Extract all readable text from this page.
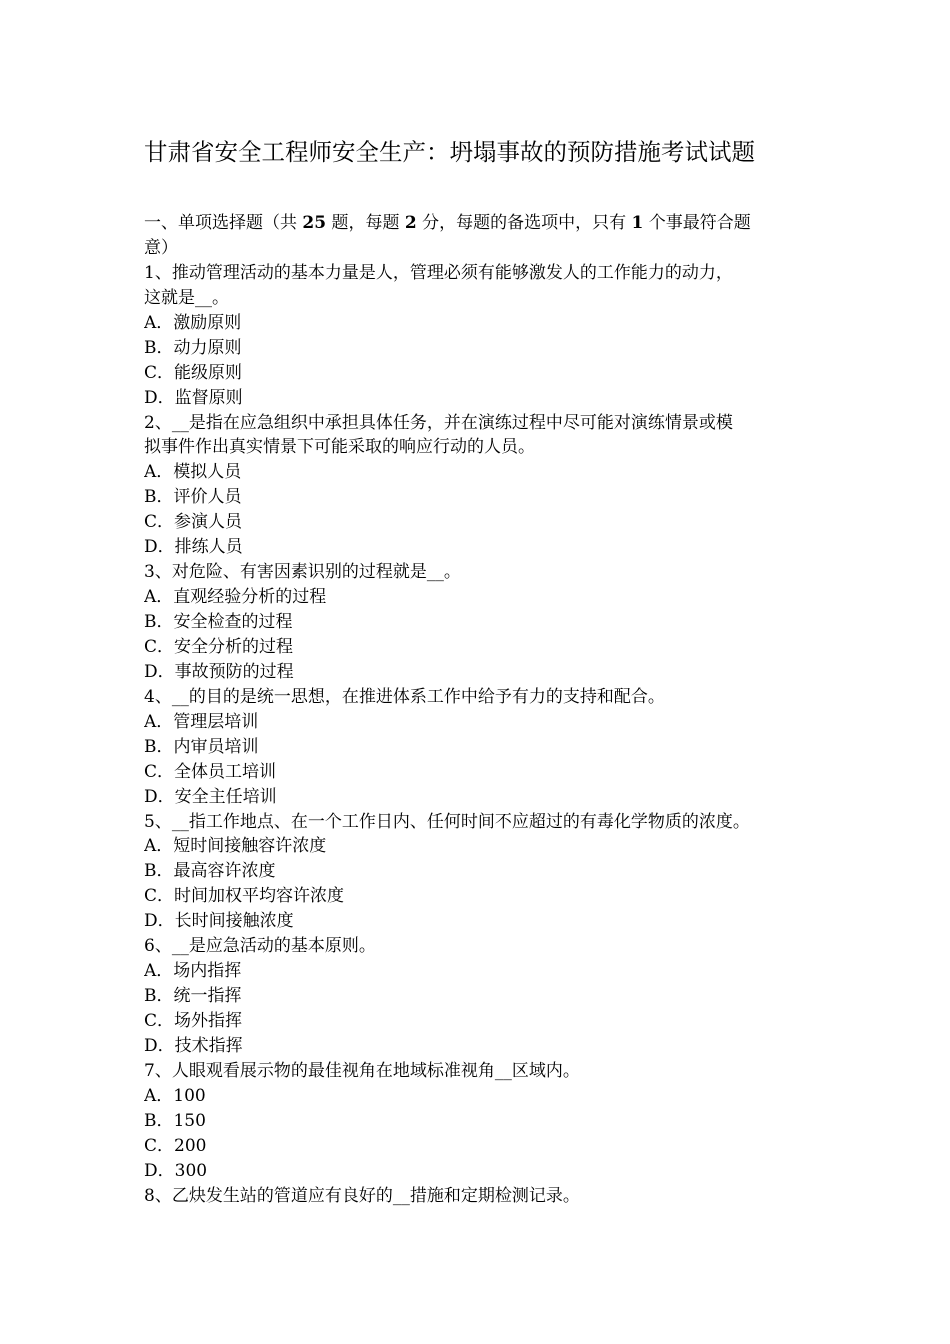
甘肃省安全工程师安全生产：坍塌事故的预防措施考试试题
一、单项选择题（共 25 题，每题 2 分，每题的备选项中，只有 1 个事最符合题
意）
1、推动管理活动的基本力量是人，管理必须有能够激发人的工作能力的动力，
这就是__。
A．激励原则
B．动力原则
C．能级原则
D．监督原则
2、__是指在应急组织中承担具体任务，并在演练过程中尽可能对演练情景或模
拟事件作出真实情景下可能采取的响应行动的人员。
A．模拟人员
B．评价人员
C．参演人员
D．排练人员
3、对危险、有害因素识别的过程就是__。
A．直观经验分析的过程
B．安全检查的过程
C．安全分析的过程
D．事故预防的过程
4、__的目的是统一思想，在推进体系工作中给予有力的支持和配合。
A．管理层培训
B．内审员培训
C．全体员工培训
D．安全主任培训
5、__指工作地点、在一个工作日内、任何时间不应超过的有毒化学物质的浓度。
A．短时间接触容许浓度
B．最高容许浓度
C．时间加权平均容许浓度
D．长时间接触浓度
6、__是应急活动的基本原则。
A．场内指挥
B．统一指挥
C．场外指挥
D．技术指挥
7、人眼观看展示物的最佳视角在地域标准视角__区域内。
A．100
B．150
C．200
D．300
8、乙炔发生站的管道应有良好的__措施和定期检测记录。
